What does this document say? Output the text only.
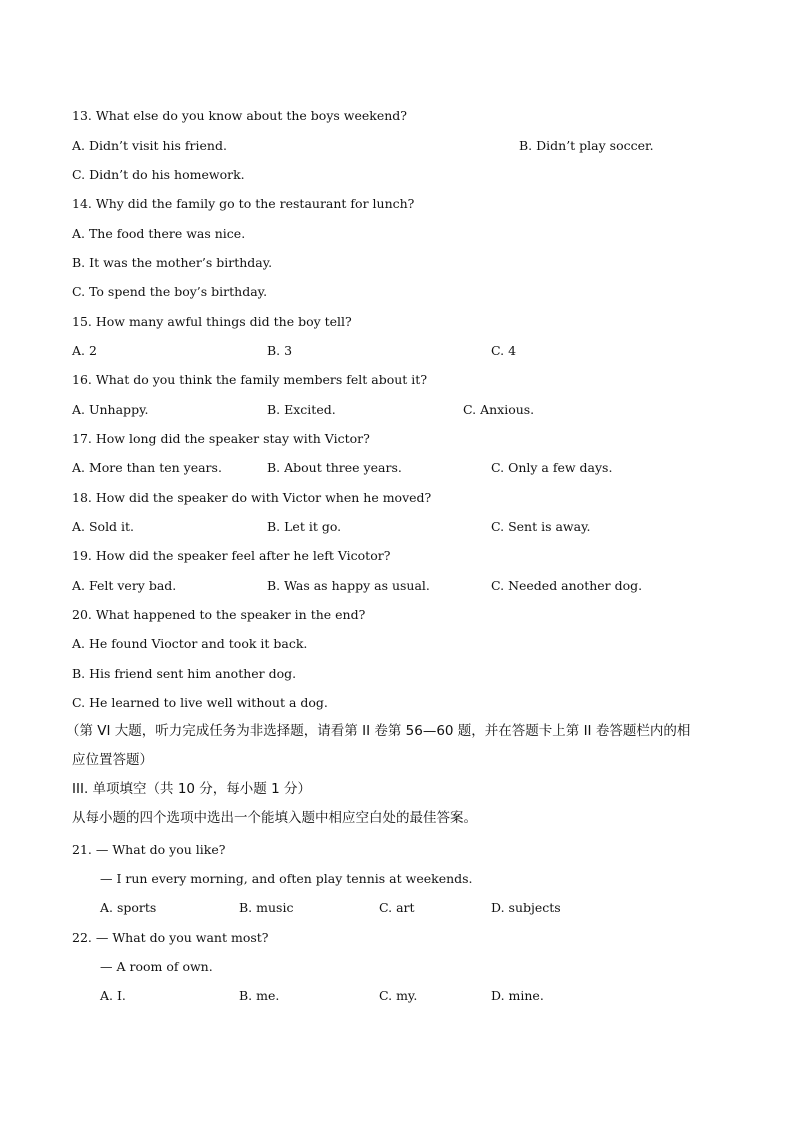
13. What else do you know about the boys weekend?
A. Didn’t visit his friend.	B. Didn’t play soccer.
C. Didn’t do his homework.
14. Why did the family go to the restaurant for lunch?
A. The food there was nice.
B. It was the mother’s birthday.
C. To spend the boy’s birthday.
15. How many awful things did the boy tell?
A. 2	B. 3	C. 4
16. What do you think the family members felt about it?
A. Unhappy.	B. Excited.	C. Anxious.
17. How long did the speaker stay with Victor?
A. More than ten years.	B. About three years.	C. Only a few days.
18. How did the speaker do with Victor when he moved?
A. Sold it.	B. Let it go.	C. Sent is away.
19. How did the speaker feel after he left Vicotor?
A. Felt very bad.	B. Was as happy as usual.	C. Needed another dog.
20. What happened to the speaker in the end?
A. He found Vioctor and took it back.
B. His friend sent him another dog.
C. He learned to live well without a dog.
（第 VI 大题，听力完成任务为非选择题，请看第 II 卷第 56—60 题，并在答题卡上第 II 卷答题栏内的相
应位置答题）
III. 单项填空（共 10 分，每小题 1 分）
从每小题的四个选项中选出一个能填入题中相应空白处的最佳答案。
21. — What do you like?
— I run every morning, and often play tennis at weekends.
A. sports	B. music	C. art	D. subjects
22. — What do you want most?
— A room of own.
A. I.	B. me.	C. my.	D. mine.
